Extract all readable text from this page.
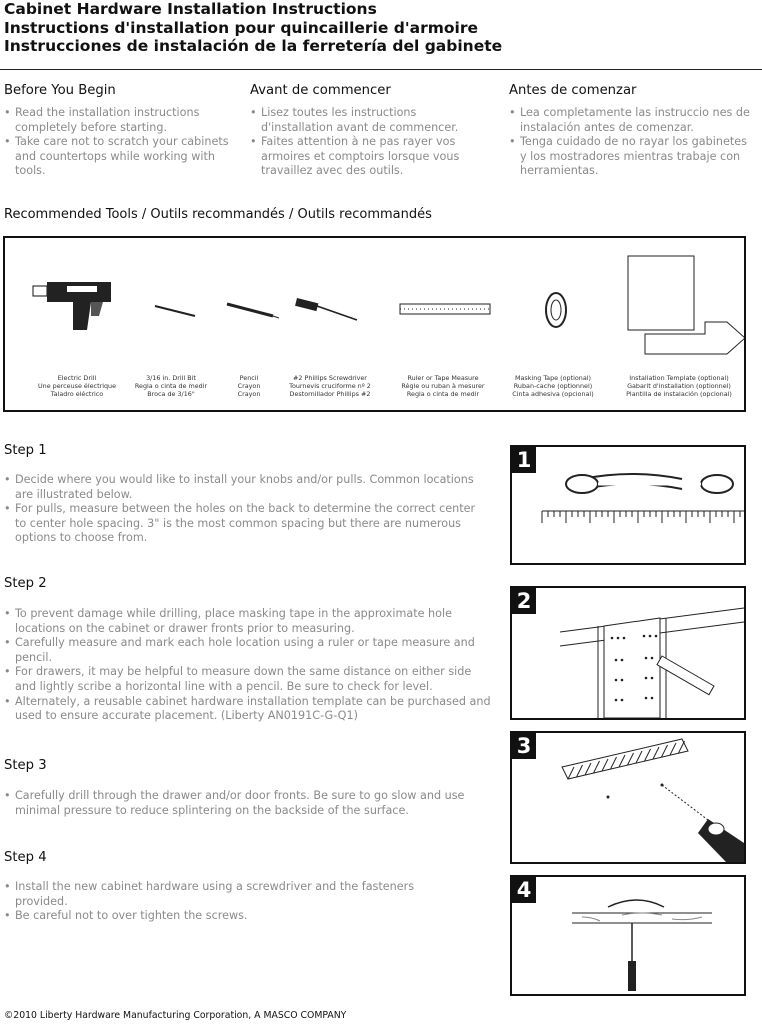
Cabinet Hardware Installation Instructions
Instructions d'installation pour quincaillerie d'armoire
Instrucciones de instalación de la ferretería del gabinete
Before You Begin
• Read the installation instructions completely before starting.
• Take care not to scratch your cabinets and countertops while working with tools.
Avant de commencer
• Lisez toutes les instructions d'installation avant de commencer.
• Faites attention à ne pas rayer vos armoires et comptoirs lorsque vous travaillez avec des outils.
Antes de comenzar
• Lea completamente las instruccio nes de instalación antes de comenzar.
• Tenga cuidado de no rayar los gabinetes y los mostradores mientras trabaje con herramientas.
Recommended Tools / Outils recommandés / Outils recommandés
Electric Drill
Une perceuse électrique
Taladro eléctrico
3/16 in. Drill Bit
Regla o cinta de medir
Broca de 3/16"
Pencil
Crayon
Crayon
#2 Phillips Screwdriver
Tournevis cruciforme nº 2
Destornillador Phillips #2
Ruler or Tape Measure
Règle ou ruban à mesurer
Regla o cinta de medir
Masking Tape (optional)
Ruban-cache (optionnel)
Cinta adhesiva (opcional)
Installation Template (optional)
Gabarit d'installation (optionnel)
Plantilla de instalación (opcional)
Step 1
• Decide where you would like to install your knobs and/or pulls. Common locations are illustrated below.
• For pulls, measure between the holes on the back to determine the correct center to center hole spacing. 3" is the most common spacing but there are numerous options to choose from.
1
Step 2
• To prevent damage while drilling, place masking tape in the approximate hole locations on the cabinet or drawer fronts prior to measuring.
• Carefully measure and mark each hole location using a ruler or tape measure and pencil.
• For drawers, it may be helpful to measure down the same distance on either side and lightly scribe a horizontal line with a pencil. Be sure to check for level.
• Alternately, a reusable cabinet hardware installation template can be purchased and used to ensure accurate placement. (Liberty AN0191C-G-Q1)
2
Step 3
• Carefully drill through the drawer and/or door fronts. Be sure to go slow and use minimal pressure to reduce splintering on the backside of the surface.
3
Step 4
• Install the new cabinet hardware using a screwdriver and the fasteners provided.
• Be careful not to over tighten the screws.
4
©2010 Liberty Hardware Manufacturing Corporation, A MASCO COMPANY
